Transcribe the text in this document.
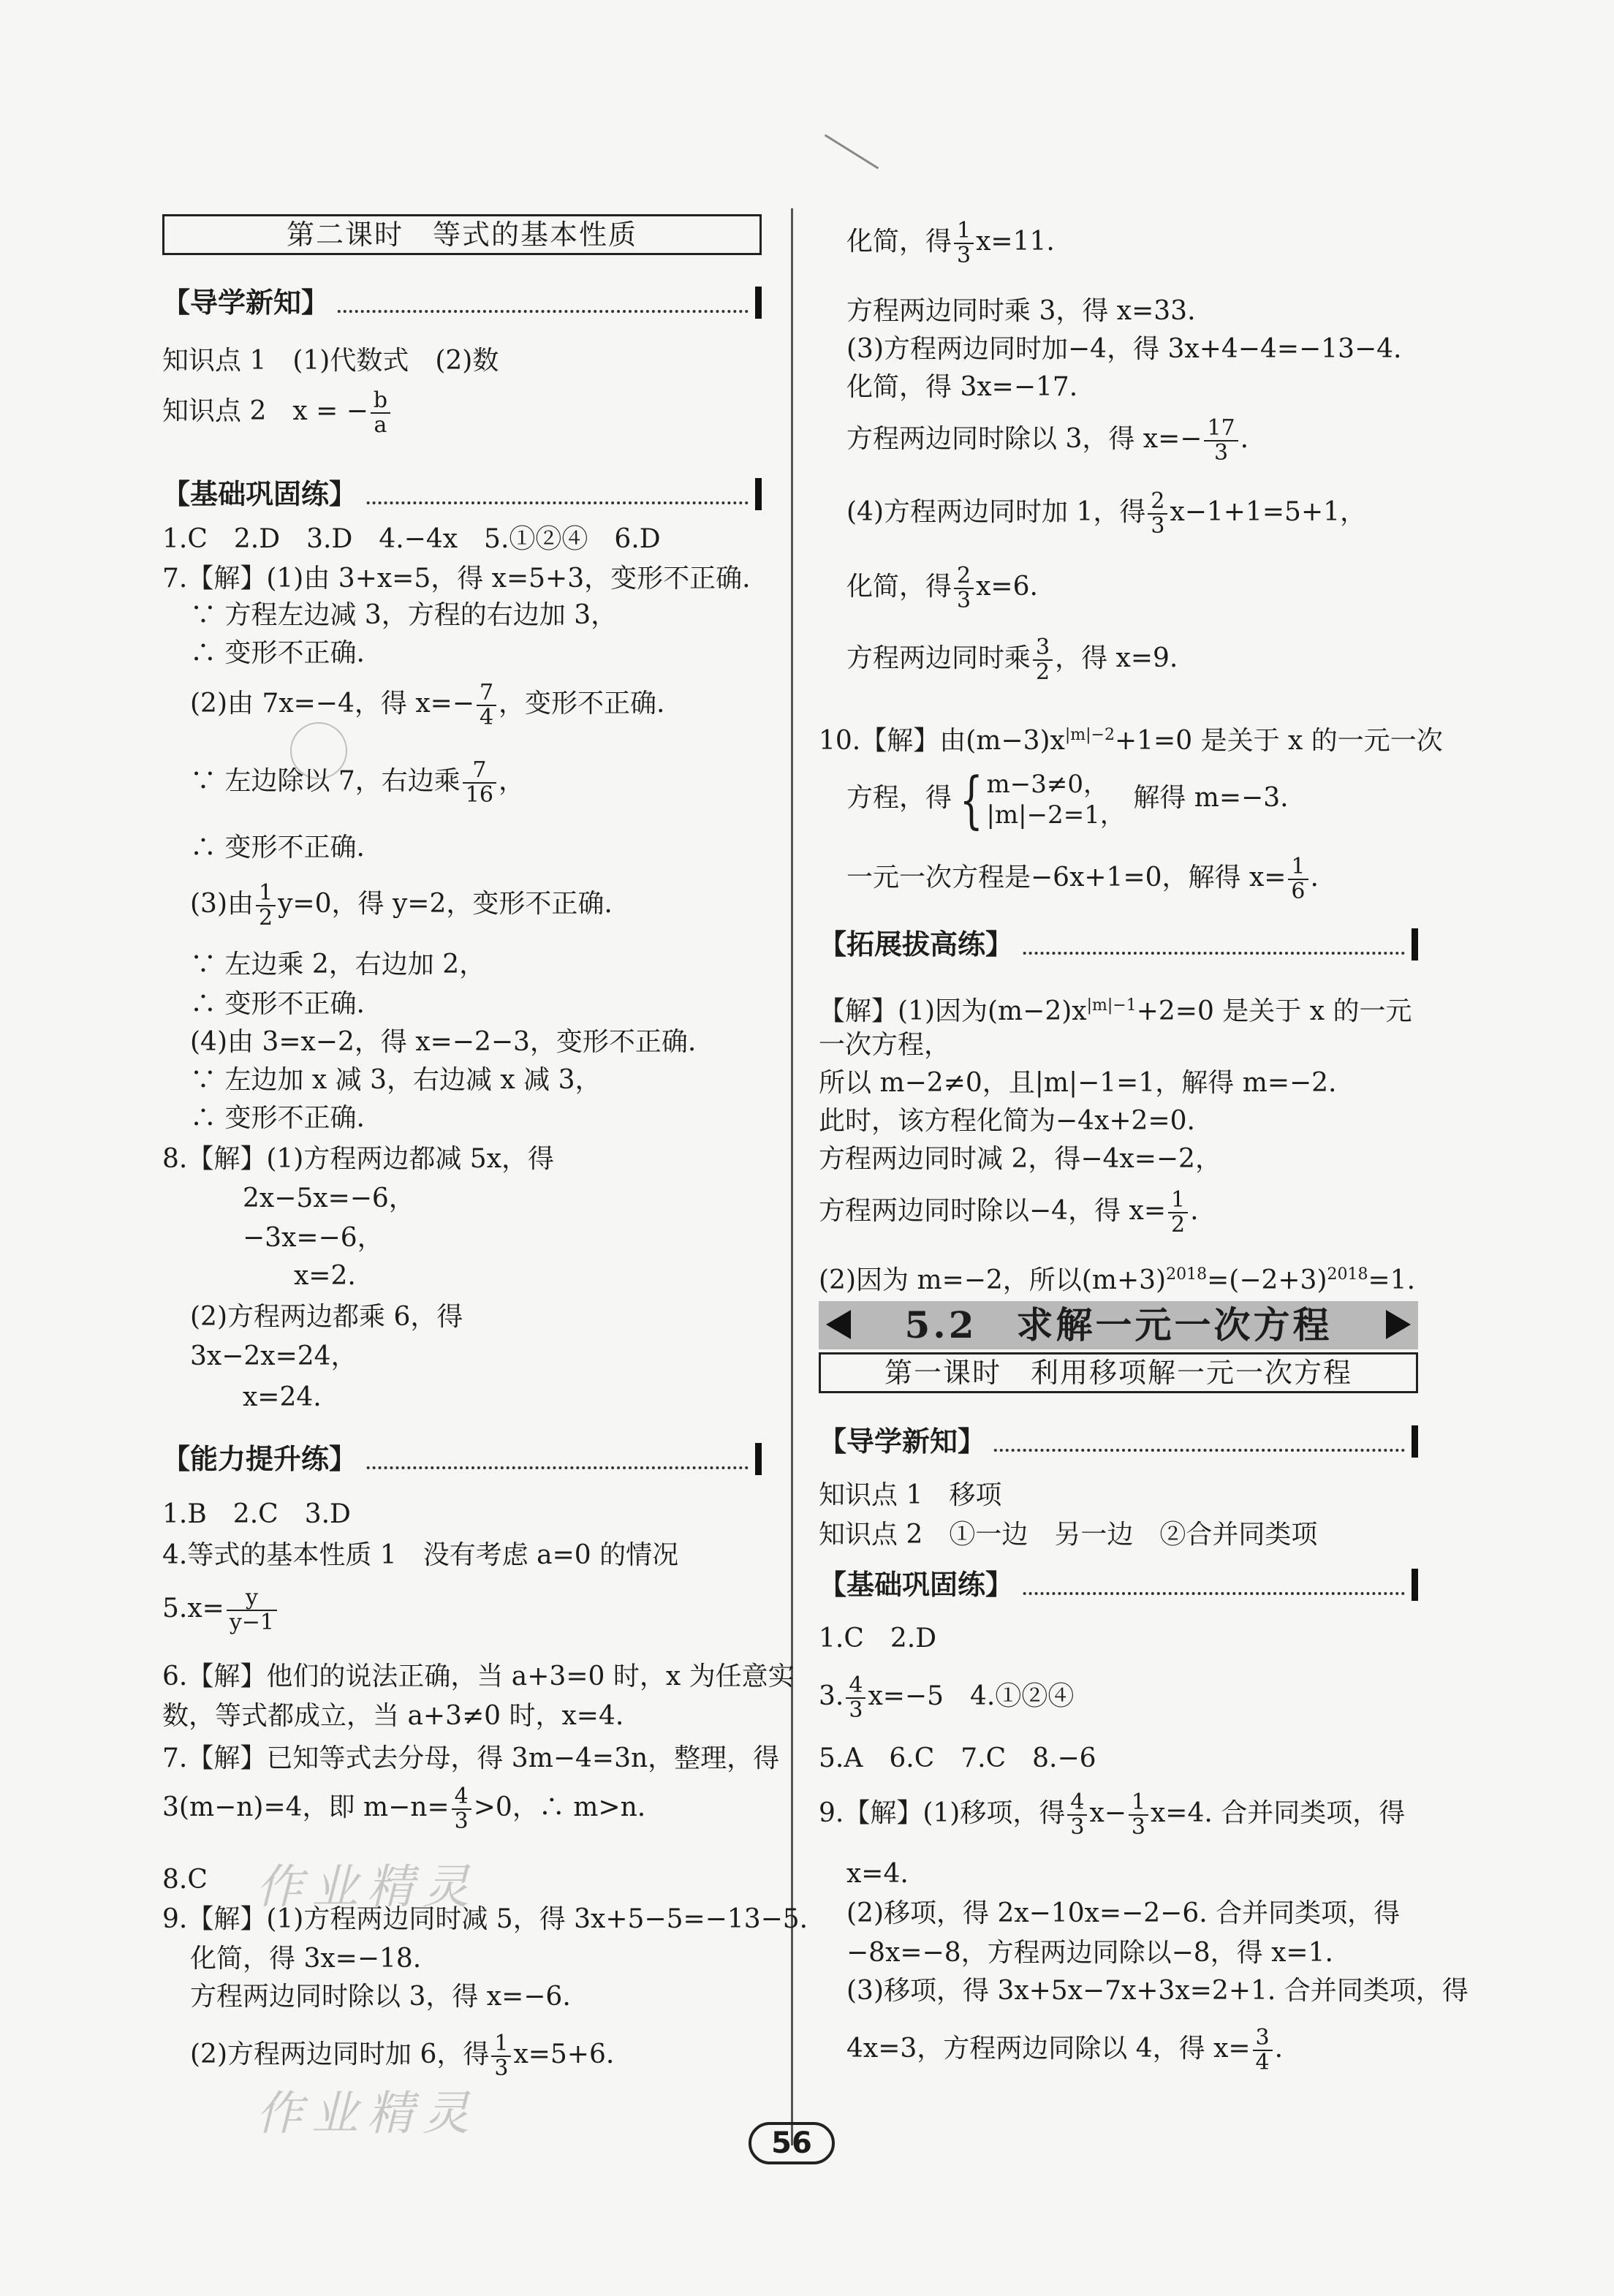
第二课时　等式的基本性质
【导学新知】
知识点 1　(1)代数式　(2)数
知识点 2　x = − $\frac{b}{a}$
【基础巩固练】
1.C　2.D　3.D　4.−4x　5.①②④　6.D
7.【解】(1)由 3+x=5，得 x=5+3，变形不正确.
∵ 方程左边减 3，方程的右边加 3，
∴ 变形不正确.
(2)由 7x=−4，得 $x=- \frac{7}{4}$ ，变形不正确.
∵ 左边除以 7，右边乘 $\frac{7}{16}$ ，
∴ 变形不正确.
(3)由 $\frac{1}{2} y=0$，得 y=2，变形不正确.
∵ 左边乘 2，右边加 2，
∴ 变形不正确.
(4)由 3=x−2，得 x=−2−3，变形不正确.
∵ 左边加 x 减 3，右边减 x 减 3，
∴ 变形不正确.
8.【解】(1)方程两边都减 5x，得
2x−5x=−6，
−3x=−6，
x=2.
(2)方程两边都乘 6，得
3x−2x=24，
x=24.
【能力提升练】
1.B　2.C　3.D
4.等式的基本性质 1　没有考虑 a=0 的情况
$5.x= \frac{y}{y-1}$
6.【解】他们的说法正确，当 a+3=0 时，x 为任意实
数，等式都成立，当 a+3≠0 时，x=4.
7.【解】已知等式去分母，得 3m−4=3n，整理，得
3(m−n)=4，即 $m-n= \frac{4}{3} >0$，∴ m>n.
8.C
9.【解】(1)方程两边同时减 5，得 3x+5−5=−13−5.
化简，得 3x=−18.
方程两边同时除以 3，得 x=−6.
(2)方程两边同时加 6，得 $\frac{1}{3} x=5+6$.
化简，得 $\frac{1}{3} x=11$.
方程两边同时乘 3，得 x=33.
(3)方程两边同时加−4，得 3x+4−4=−13−4.
化简，得 3x=−17.
方程两边同时除以 3，得 $x=- \frac{17}{3}$ .
(4)方程两边同时加 1，得 $\frac{2}{3} x-1+1=5+1$，
化简，得 $\frac{2}{3} x=6$.
方程两边同时乘 $\frac{3}{2}$ ，得 x=9.
10.【解】由$(m-3)x^{|m|-2}+1=0$ 是关于 x 的一元一次
方程，得 { m−3≠0，
|m|−2=1，
解得 m=−3.
一元一次方程是−6x+1=0，解得 $x= \frac{1}{6}$ .
【拓展拔高练】
【解】(1)因为$(m-2)x^{|m|-1}+2=0$ 是关于 x 的一元
一次方程，
所以 m−2≠0，且|m|−1=1，解得 m=−2.
此时，该方程化简为−4x+2=0.
方程两边同时减 2，得−4x=−2，
方程两边同时除以−4，得 $x= \frac{1}{2}$ .
(2)因为 m=−2，所以$(m+3)^{2018}=(-2+3)^{2018}=1$.
5.2　求解一元一次方程
第一课时　利用移项解一元一次方程
【导学新知】
知识点 1　移项
知识点 2　①一边　另一边　②合并同类项
【基础巩固练】
1.C　2.D
3. $\frac{4}{3} x=-5$　4.①②④
5.A　6.C　7.C　8.−6
9.【解】(1)移项，得 $\frac{4}{3} x- \frac{1}{3} x=4$. 合并同类项，得
x=4.
(2)移项，得 2x−10x=−2−6. 合并同类项，得
−8x=−8，方程两边同除以−8，得 x=1.
(3)移项，得 3x+5x−7x+3x=2+1. 合并同类项，得
4x=3，方程两边同除以 4，得 $x= \frac{3}{4}$ .
作业精灵
作业精灵
56
